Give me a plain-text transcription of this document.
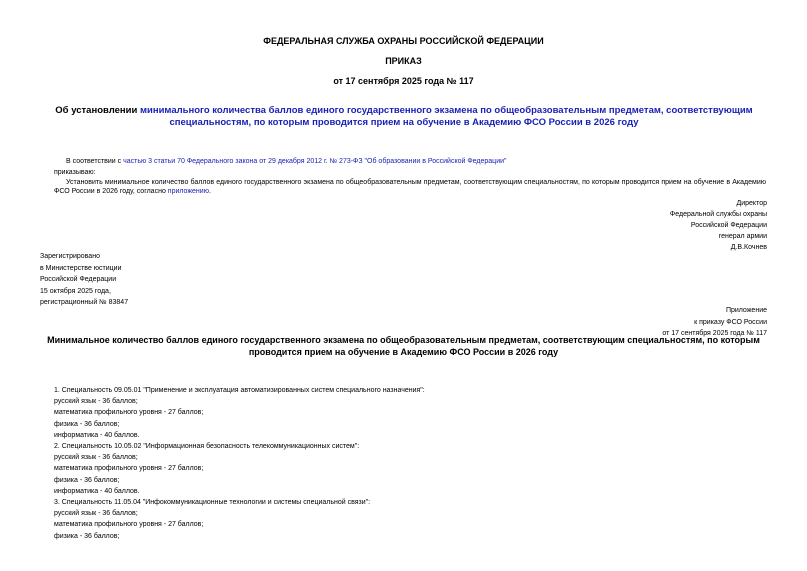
ФЕДЕРАЛЬНАЯ СЛУЖБА ОХРАНЫ РОССИЙСКОЙ ФЕДЕРАЦИИ
ПРИКАЗ
от 17 сентября 2025 года № 117
Об установлении минимального количества баллов единого государственного экзамена по общеобразовательным предметам, соответствующим специальностям, по которым проводится прием на обучение в Академию ФСО России в 2026 году
В соответствии с частью 3 статьи 70 Федерального закона от 29 декабря 2012 г. № 273-ФЗ "Об образовании в Российской Федерации"
приказываю:
Установить минимальное количество баллов единого государственного экзамена по общеобразовательным предметам, соответствующим специальностям, по которым проводится прием на обучение в Академию ФСО России в 2026 году, согласно приложению.
Директор
Федеральной службы охраны
Российской Федерации
генерал армии
Д.В.Кочнев
Зарегистрировано
в Министерстве юстиции
Российской Федерации
15 октября 2025 года,
регистрационный № 83847
Приложение
к приказу ФСО России
от 17 сентября 2025 года № 117
Минимальное количество баллов единого государственного экзамена по общеобразовательным предметам, соответствующим специальностям, по которым проводится прием на обучение в Академию ФСО России в 2026 году
1. Специальность 09.05.01 "Применение и эксплуатация автоматизированных систем специального назначения":
русский язык - 36 баллов;
математика профильного уровня - 27 баллов;
физика - 36 баллов;
информатика - 40 баллов.
2. Специальность 10.05.02 "Информационная безопасность телекоммуникационных систем":
русский язык - 36 баллов;
математика профильного уровня - 27 баллов;
физика - 36 баллов;
информатика - 40 баллов.
3. Специальность 11.05.04 "Инфокоммуникационные технологии и системы специальной связи":
русский язык - 36 баллов;
математика профильного уровня - 27 баллов;
физика - 36 баллов;
